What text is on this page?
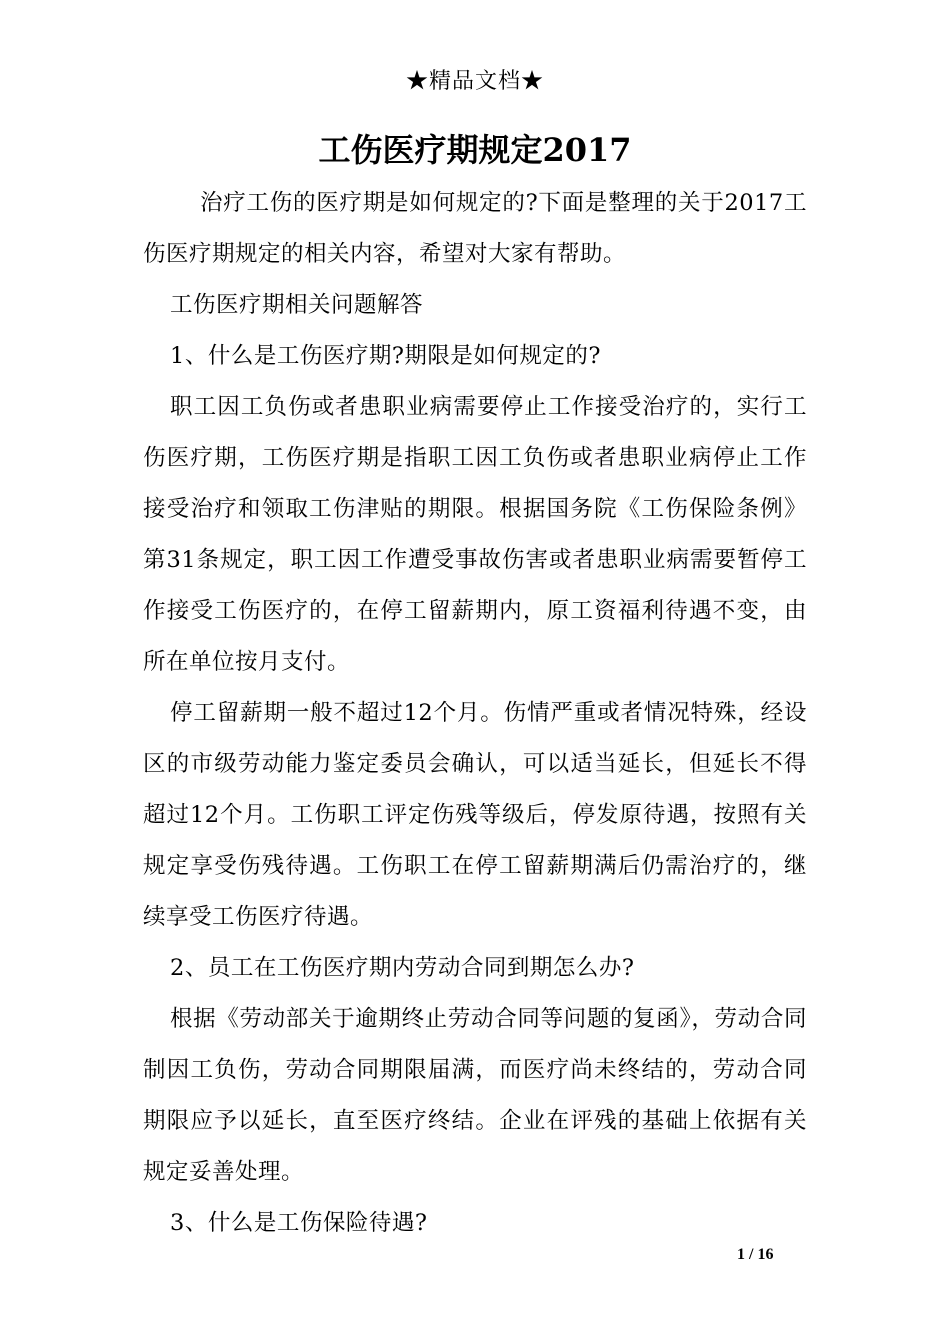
★精品文档★
工伤医疗期规定2017

治疗工伤的医疗期是如何规定的?下面是整理的关于2017工伤医疗期规定的相关内容，希望对大家有帮助。

工伤医疗期相关问题解答

1、什么是工伤医疗期?期限是如何规定的?

职工因工负伤或者患职业病需要停止工作接受治疗的，实行工伤医疗期，工伤医疗期是指职工因工负伤或者患职业病停止工作接受治疗和领取工伤津贴的期限。根据国务院《工伤保险条例》第31条规定，职工因工作遭受事故伤害或者患职业病需要暂停工作接受工伤医疗的，在停工留薪期内，原工资福利待遇不变，由所在单位按月支付。

停工留薪期一般不超过12个月。伤情严重或者情况特殊，经设区的市级劳动能力鉴定委员会确认，可以适当延长，但延长不得超过12个月。工伤职工评定伤残等级后，停发原待遇，按照有关规定享受伤残待遇。工伤职工在停工留薪期满后仍需治疗的，继续享受工伤医疗待遇。

2、员工在工伤医疗期内劳动合同到期怎么办?

根据《劳动部关于逾期终止劳动合同等问题的复函》，劳动合同制因工负伤，劳动合同期限届满，而医疗尚未终结的，劳动合同期限应予以延长，直至医疗终结。企业在评残的基础上依据有关规定妥善处理。

3、什么是工伤保险待遇?

1 / 16
